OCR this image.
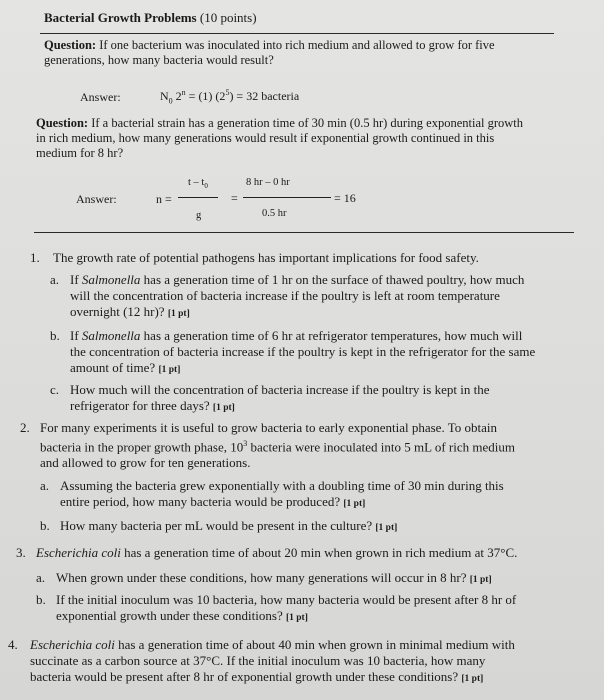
Bacterial Growth Problems (10 points)
Question: If one bacterium was inoculated into rich medium and allowed to grow for five
generations, how many bacteria would result?
Answer:	$N_0$ $2^n = (1) (2^5) = 32$ bacteria
Question: If a bacterial strain has a generation time of 30 min (0.5 hr) during exponential growth
in rich medium, how many generations would result if exponential growth continued in this
medium for 8 hr?
Answer:	n =
t – $t_0$
g
=
8 hr – 0 hr
0.5 hr
= 16
1. The growth rate of potential pathogens has important implications for food safety.
a. If Salmonella has a generation time of 1 hr on the surface of thawed poultry, how much
will the concentration of bacteria increase if the poultry is left at room temperature
overnight (12 hr)? [1 pt]
b. If Salmonella has a generation time of 6 hr at refrigerator temperatures, how much will
the concentration of bacteria increase if the poultry is kept in the refrigerator for the same
amount of time? [1 pt]
c. How much will the concentration of bacteria increase if the poultry is kept in the
refrigerator for three days? [1 pt]
2. For many experiments it is useful to grow bacteria to early exponential phase. To obtain
bacteria in the proper growth phase, $10^3$ bacteria were inoculated into 5 mL of rich medium
and allowed to grow for ten generations.
a. Assuming the bacteria grew exponentially with a doubling time of 30 min during this
entire period, how many bacteria would be produced? [1 pt]
b. How many bacteria per mL would be present in the culture? [1 pt]
3. Escherichia coli has a generation time of about 20 min when grown in rich medium at 37°C.
a. When grown under these conditions, how many generations will occur in 8 hr? [1 pt]
b. If the initial inoculum was 10 bacteria, how many bacteria would be present after 8 hr of
exponential growth under these conditions? [1 pt]
4. Escherichia coli has a generation time of about 40 min when grown in minimal medium with
succinate as a carbon source at 37°C. If the initial inoculum was 10 bacteria, how many
bacteria would be present after 8 hr of exponential growth under these conditions? [1 pt]
